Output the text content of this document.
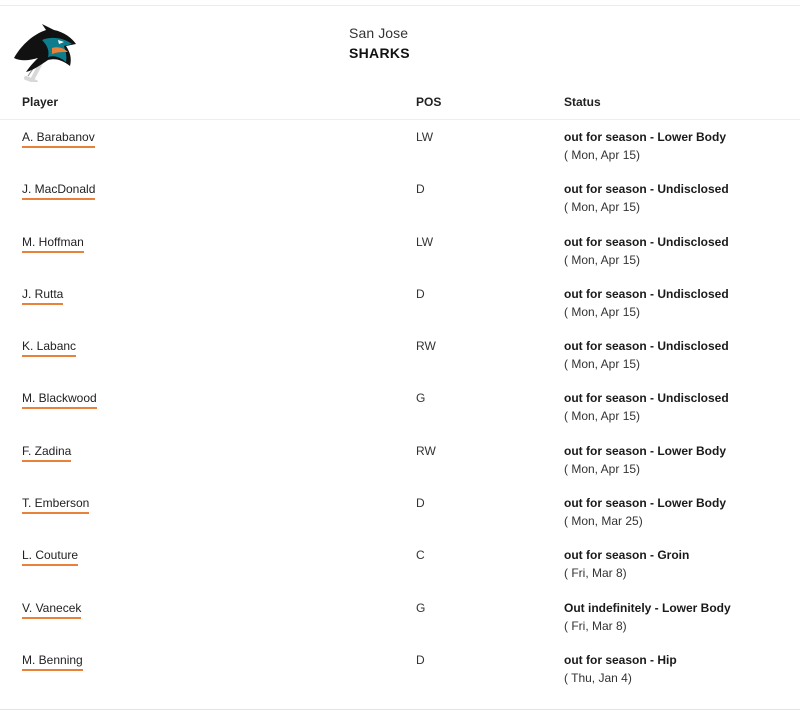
San Jose
SHARKS
Player	POS	Status
A. Barabanov	LW	out for season - Lower Body
( Mon, Apr 15)
J. MacDonald	D	out for season - Undisclosed
( Mon, Apr 15)
M. Hoffman	LW	out for season - Undisclosed
( Mon, Apr 15)
J. Rutta	D	out for season - Undisclosed
( Mon, Apr 15)
K. Labanc	RW	out for season - Undisclosed
( Mon, Apr 15)
M. Blackwood	G	out for season - Undisclosed
( Mon, Apr 15)
F. Zadina	RW	out for season - Lower Body
( Mon, Apr 15)
T. Emberson	D	out for season - Lower Body
( Mon, Mar 25)
L. Couture	C	out for season - Groin
( Fri, Mar 8)
V. Vanecek	G	Out indefinitely - Lower Body
( Fri, Mar 8)
M. Benning	D	out for season - Hip
( Thu, Jan 4)
